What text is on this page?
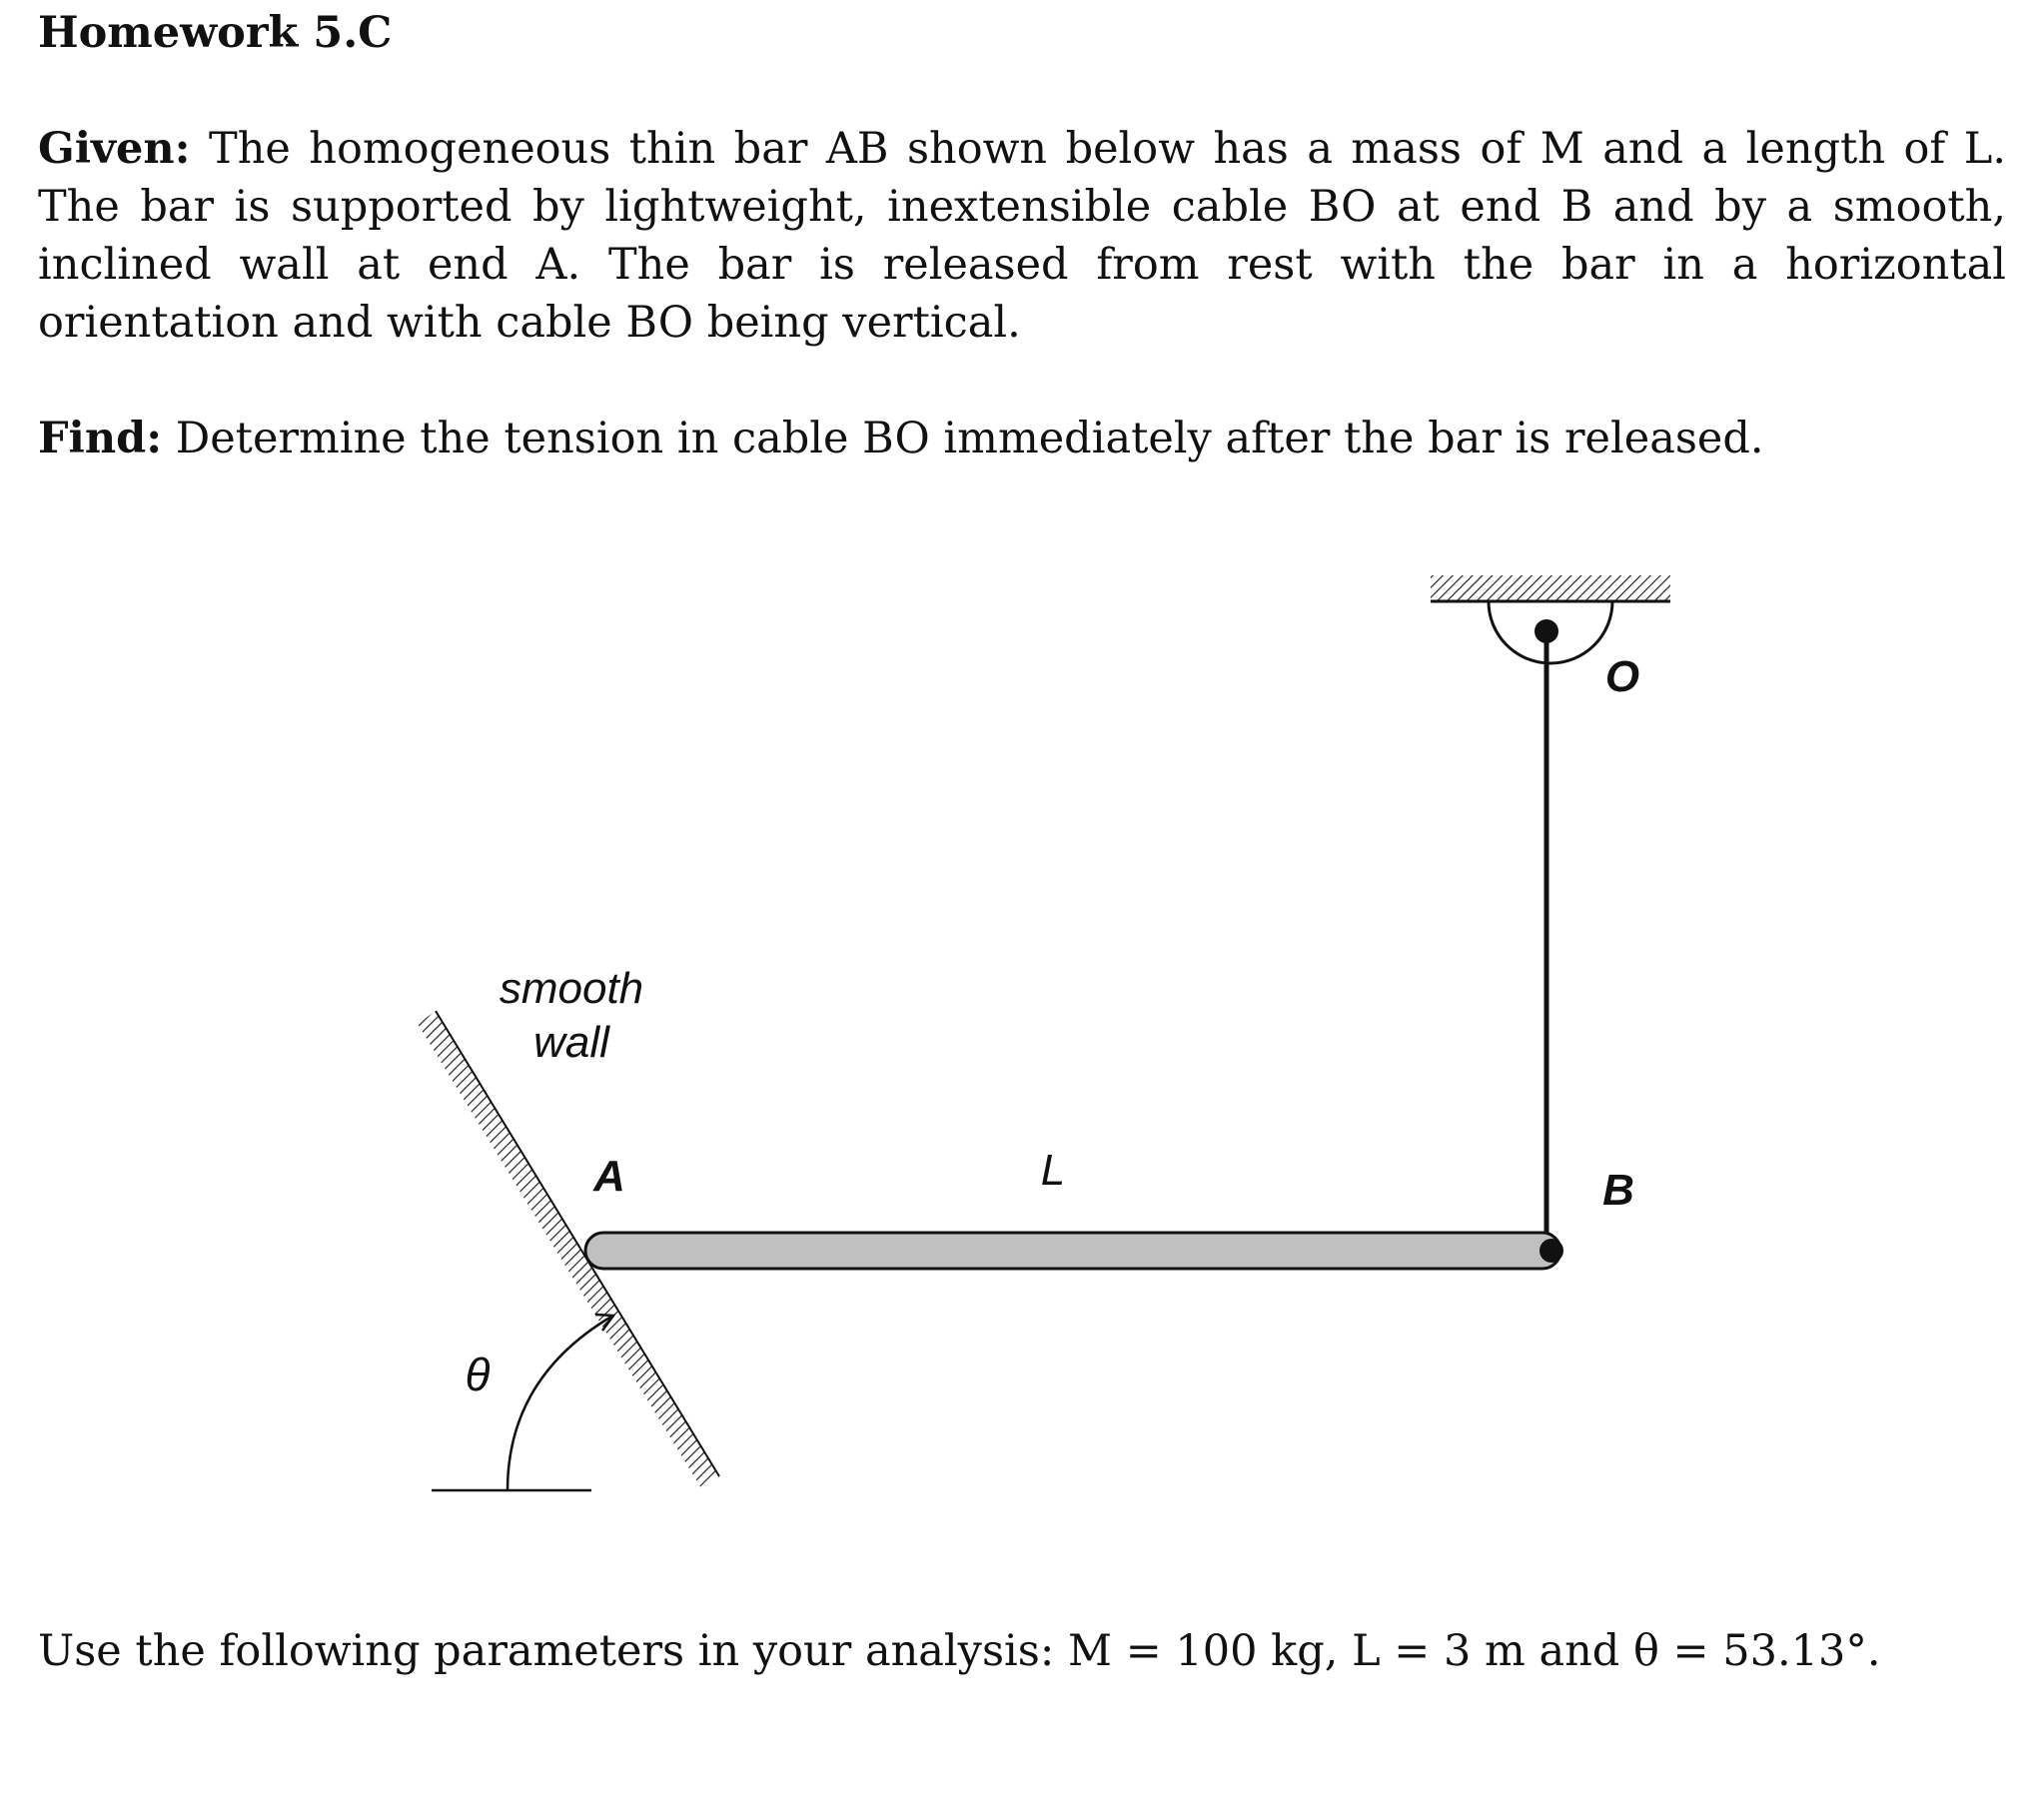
Homework 5.C
Given: The homogeneous thin bar AB shown below has a mass of M and a length of L. The bar is supported by lightweight, inextensible cable BO at end B and by a smooth, inclined wall at end A. The bar is released from rest with the bar in a horizontal orientation and with cable BO being vertical.
Find: Determine the tension in cable BO immediately after the bar is released.
smooth
wall
A	L	B
O
θ
Use the following parameters in your analysis: M = 100 kg, L = 3 m and θ = 53.13°.
